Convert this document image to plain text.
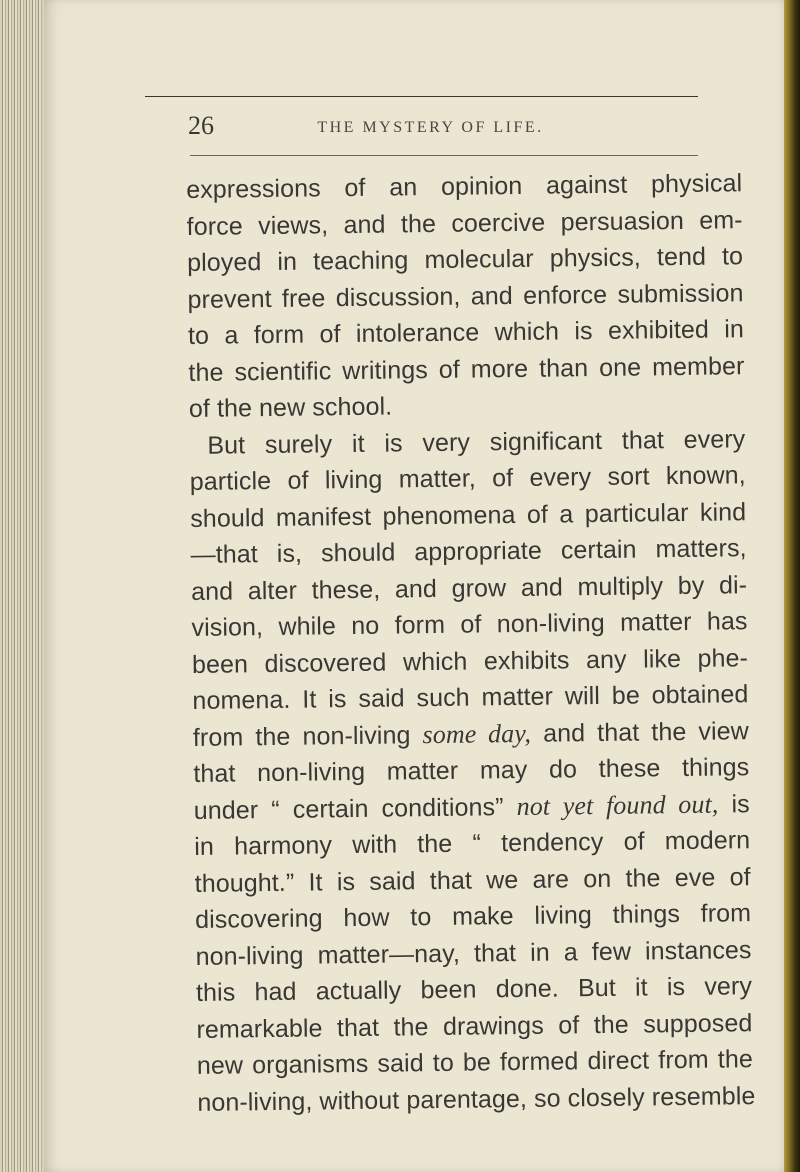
26	THE MYSTERY OF LIFE.
expressions of an opinion against physical
force views, and the coercive persuasion em-
ployed in teaching molecular physics, tend to
prevent free discussion, and enforce submission
to a form of intolerance which is exhibited in
the scientific writings of more than one member
of the new school.
But surely it is very significant that every
particle of living matter, of every sort known,
should manifest phenomena of a particular kind
—that is, should appropriate certain matters,
and alter these, and grow and multiply by di-
vision, while no form of non-living matter has
been discovered which exhibits any like phe-
nomena. It is said such matter will be obtained
from the non-living some day, and that the view
that non-living matter may do these things
under “ certain conditions” not yet found out, is
in harmony with the “ tendency of modern
thought.” It is said that we are on the eve of
discovering how to make living things from
non-living matter—nay, that in a few instances
this had actually been done. But it is very
remarkable that the drawings of the supposed
new organisms said to be formed direct from the
non-living, without parentage, so closely resemble
